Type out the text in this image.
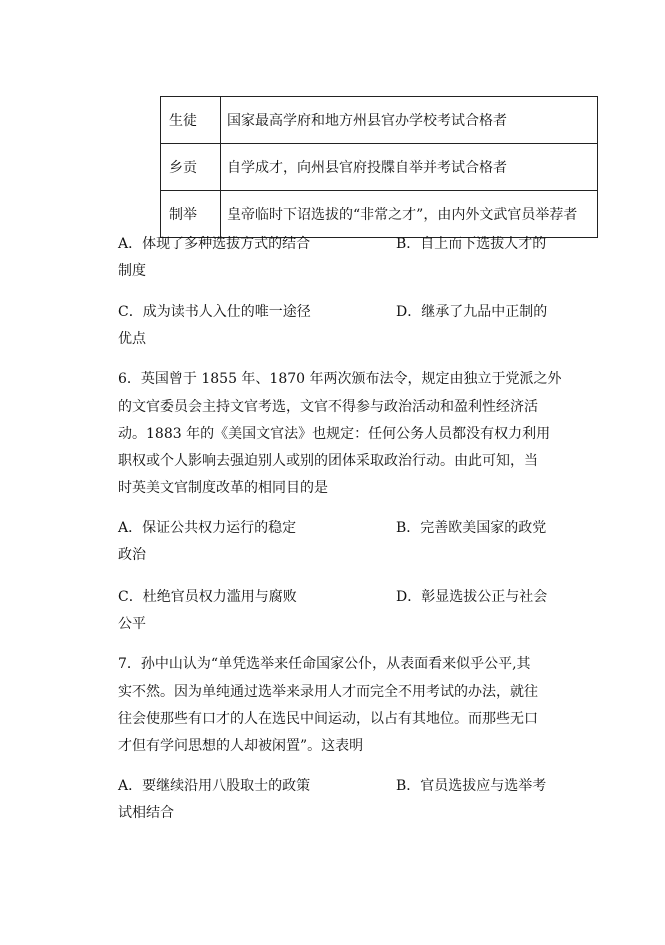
生徒	国家最高学府和地方州县官办学校考试合格者
乡贡	自学成才，向州县官府投牒自举并考试合格者
制举	皇帝临时下诏选拔的“非常之才”，由内外文武官员举荐者
A．体现了多种选拔方式的结合	B．自上而下选拔人才的
制度
C．成为读书人入仕的唯一途径	D．继承了九品中正制的
优点
6．英国曾于 1855 年、1870 年两次颁布法令，规定由独立于党派之外
的文官委员会主持文官考选，文官不得参与政治活动和盈利性经济活
动。1883 年的《美国文官法》也规定：任何公务人员都没有权力利用
职权或个人影响去强迫别人或别的团体采取政治行动。由此可知，当
时英美文官制度改革的相同目的是
A．保证公共权力运行的稳定	B．完善欧美国家的政党
政治
C．杜绝官员权力滥用与腐败	D．彰显选拔公正与社会
公平
7．孙中山认为“单凭选举来任命国家公仆，从表面看来似乎公平,其
实不然。因为单纯通过选举来录用人才而完全不用考试的办法，就往
往会使那些有口才的人在选民中间运动，以占有其地位。而那些无口
才但有学问思想的人却被闲置”。这表明
A．要继续沿用八股取士的政策	B．官员选拔应与选举考
试相结合
